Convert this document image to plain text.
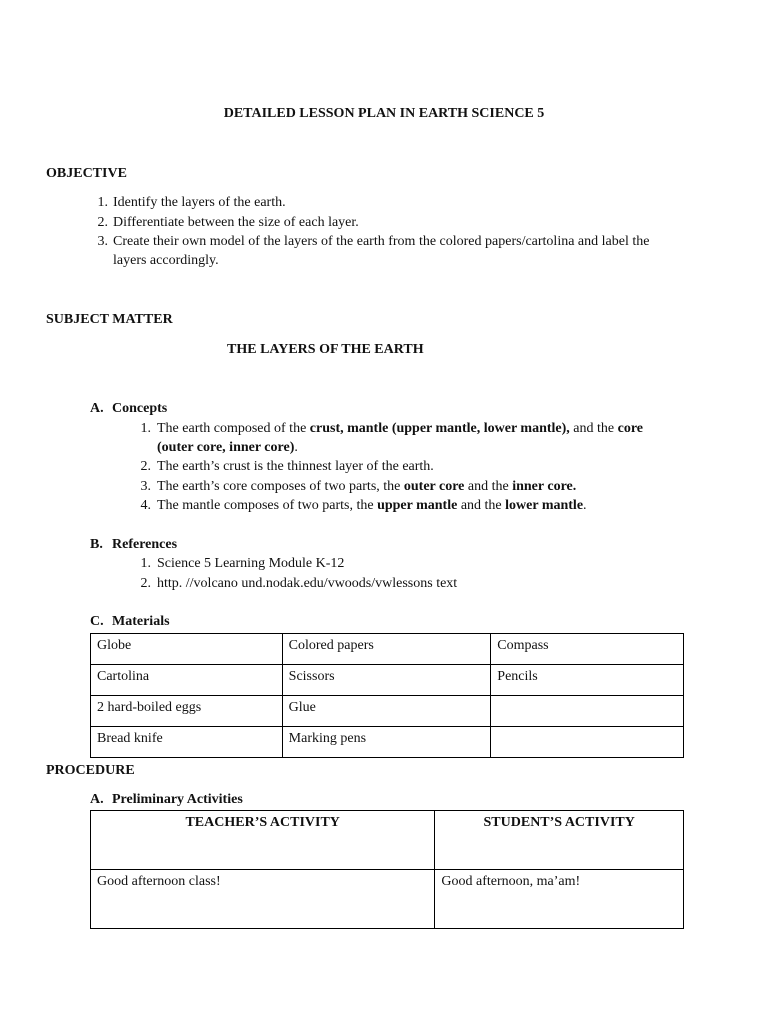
DETAILED LESSON PLAN IN EARTH SCIENCE 5
OBJECTIVE
1. Identify the layers of the earth.
2. Differentiate between the size of each layer.
3. Create their own model of the layers of the earth from the colored papers/cartolina and label the
layers accordingly.
SUBJECT MATTER
THE LAYERS OF THE EARTH
A. Concepts
1. The earth composed of the crust, mantle (upper mantle, lower mantle), and the core
(outer core, inner core).
2. The earth’s crust is the thinnest layer of the earth.
3. The earth’s core composes of two parts, the outer core and the inner core.
4. The mantle composes of two parts, the upper mantle and the lower mantle.
B. References
1. Science 5 Learning Module K-12
2. http. //volcano und.nodak.edu/vwoods/vwlessons text
C. Materials
Globe	Colored papers	Compass
Cartolina	Scissors	Pencils
2 hard-boiled eggs	Glue	
Bread knife	Marking pens	
PROCEDURE
A. Preliminary Activities
TEACHER’S ACTIVITY	STUDENT’S ACTIVITY
Good afternoon class!	Good afternoon, ma’am!
